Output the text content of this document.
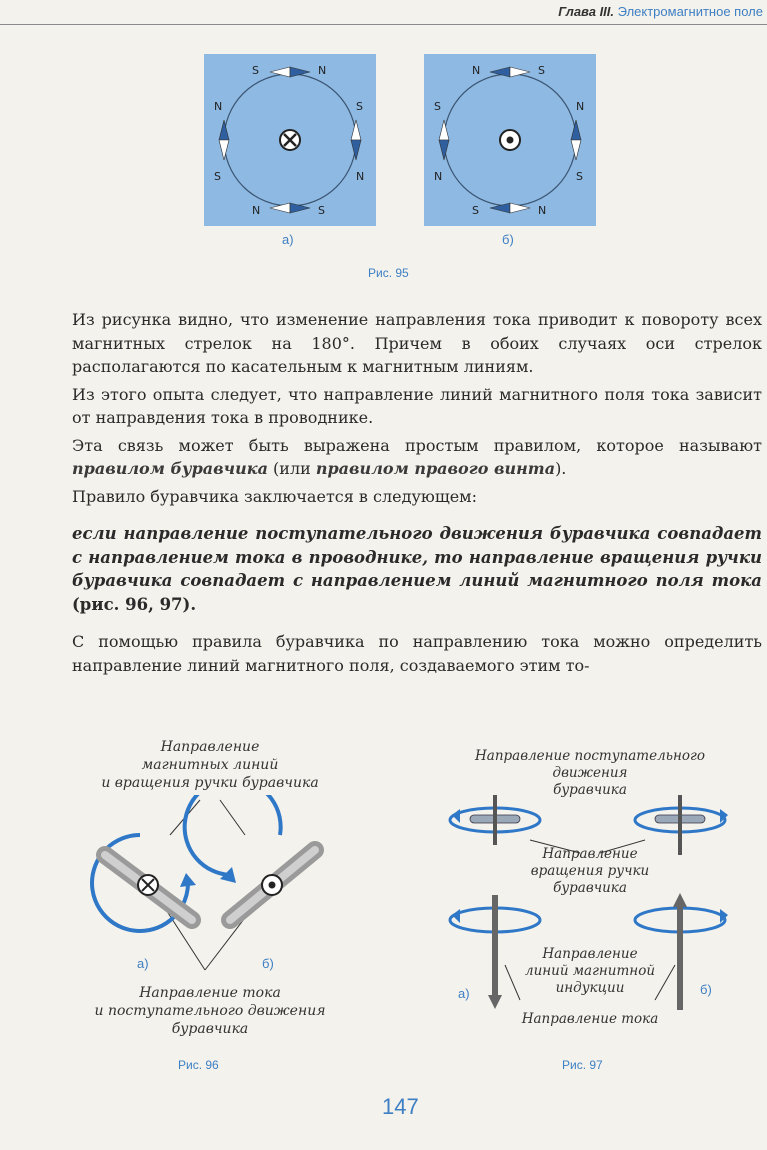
Глава III. Электромагнитное поле
S	N
N	S
N
S
S
N
N	S
S	N
S
N
N
S
а)	б)
Рис. 95

Из рисунка видно, что изменение направления тока приводит к повороту всех магнитных стрелок на 180°. Причем в обоих случаях оси стрелок располагаются по касательным к магнитным линиям.

Из этого опыта следует, что направление линий магнитного поля тока зависит от направдения тока в проводнике.

Эта связь может быть выражена простым правилом, которое называют правилом буравчика (или правилом правого винта).

Правило буравчика заключается в следующем:

если направление поступательного движения буравчика совпадает с направлением тока в проводнике, то направление вращения ручки буравчика совпадает с направлением линий магнитного поля тока (рис. 96, 97).

С помощью правила буравчика по направлению тока можно определить направление линий магнитного поля, создаваемого этим то-

Направление
магнитных линий
и вращения ручки буравчика
а)	б)
Направление тока
и поступательного движения
буравчика
Рис. 96
Направление поступательного
движения
буравчика
Направление
вращения ручки
буравчика
Направление
линий магнитной
индукции
Направление тока
а)	б)
Рис. 97
147
